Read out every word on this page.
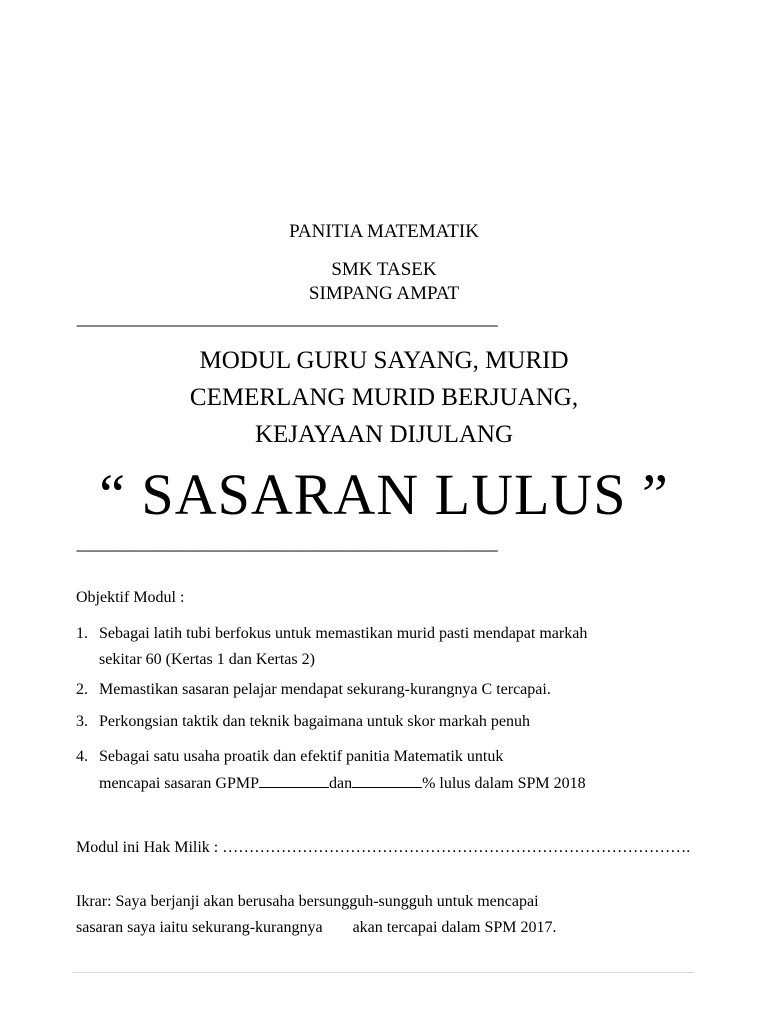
PANITIA MATEMATIK
SMK TASEK
SIMPANG AMPAT
-------------------------------------------------------------------------------------------------------------------------------------------
MODUL GURU SAYANG, MURID
CEMERLANG MURID BERJUANG,
KEJAYAAN DIJULANG
“ SASARAN LULUS ”
-------------------------------------------------------------------------------------------------------------------------------------------
Objektif Modul :
1. Sebagai latih tubi berfokus untuk memastikan murid pasti mendapat markah
sekitar 60 (Kertas 1 dan Kertas 2)
2. Memastikan sasaran pelajar mendapat sekurang-kurangnya C tercapai.
3. Perkongsian taktik dan teknik bagaimana untuk skor markah penuh
4. Sebagai satu usaha proatik dan efektif panitia Matematik untuk
mencapai sasaran GPMP	dan	% lulus dalam SPM 2018
Modul ini Hak Milik : …………………………………………………………………………….
Ikrar: Saya berjanji akan berusaha bersungguh-sungguh untuk mencapai
sasaran saya iaitu sekurang-kurangnya akan tercapai dalam SPM 2017.
